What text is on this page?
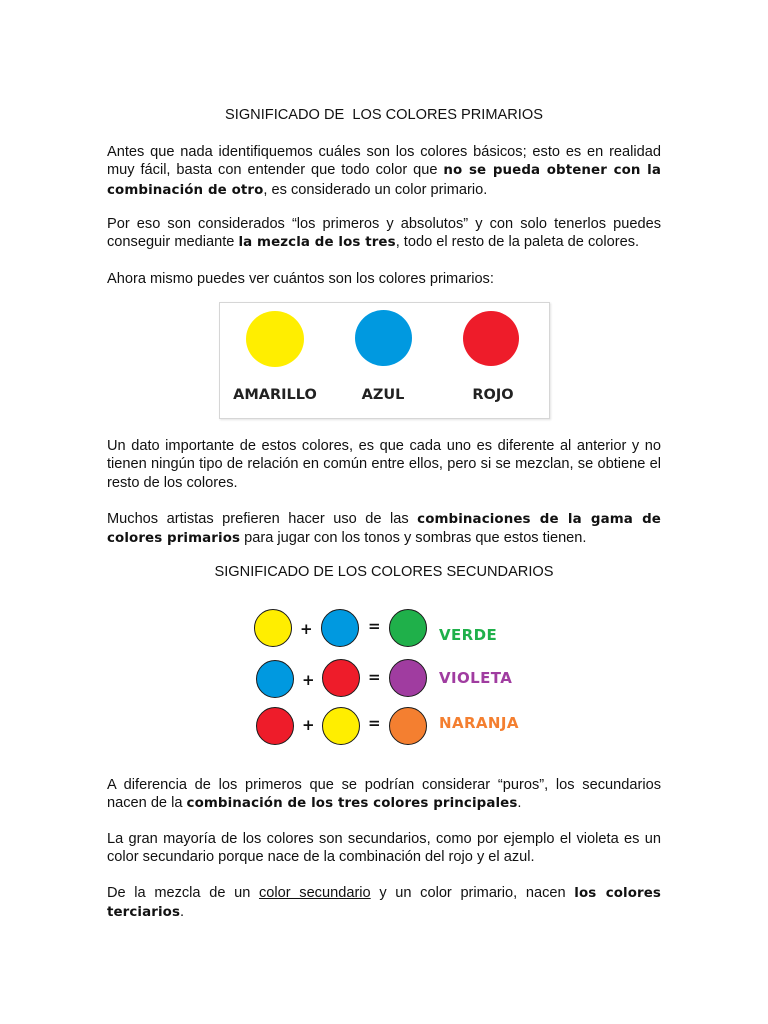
SIGNIFICADO DE  LOS COLORES PRIMARIOS

Antes que nada identifiquemos cuáles son los colores básicos; esto es en realidad muy fácil, basta con entender que todo color que no se pueda obtener con la combinación de otro, es considerado un color primario.

Por eso son considerados “los primeros y absolutos” y con solo tenerlos puedes conseguir mediante la mezcla de los tres, todo el resto de la paleta de colores.

Ahora mismo puedes ver cuántos son los colores primarios:

Un dato importante de estos colores, es que cada uno es diferente al anterior y no tienen ningún tipo de relación en común entre ellos, pero si se mezclan, se obtiene el resto de los colores.

Muchos artistas prefieren hacer uso de las combinaciones de la gama de colores primarios para jugar con los tonos y sombras que estos tienen.

SIGNIFICADO DE LOS COLORES SECUNDARIOS

A diferencia de los primeros que se podrían considerar “puros”, los secundarios nacen de la combinación de los tres colores principales.

La gran mayoría de los colores son secundarios, como por ejemplo el violeta es un color secundario porque nace de la combinación del rojo y el azul.

De la mezcla de un color secundario y un color primario, nacen los colores terciarios.

AMARILLO	AZUL	ROJO
+	=	VERDE
+	=	VIOLETA
+	=	NARANJA
